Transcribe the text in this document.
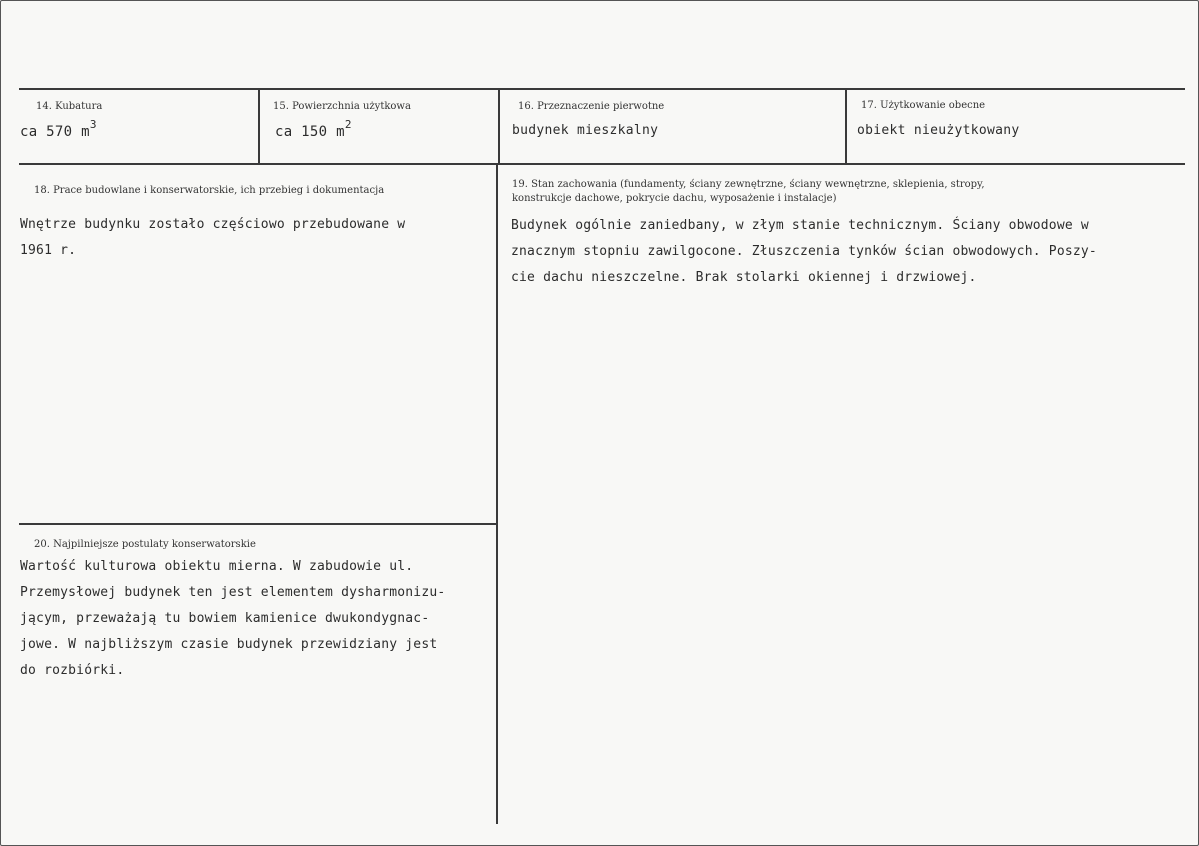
14. Kubatura
ca 570 $m^3$
15. Powierzchnia użytkowa
ca 150 $m^2$
16. Przeznaczenie pierwotne
budynek mieszkalny
17. Użytkowanie obecne
obiekt nieużytkowany
18. Prace budowlane i konserwatorskie, ich przebieg i dokumentacja
Wnętrze budynku zostało częściowo przebudowane w
1961 r.
19. Stan zachowania (fundamenty, ściany zewnętrzne, ściany wewnętrzne, sklepienia, stropy,
konstrukcje dachowe, pokrycie dachu, wyposażenie i instalacje)
Budynek ogólnie zaniedbany, w złym stanie technicznym. Ściany obwodowe w
znacznym stopniu zawilgocone. Złuszczenia tynków ścian obwodowych. Poszy-
cie dachu nieszczelne. Brak stolarki okiennej i drzwiowej.
20. Najpilniejsze postulaty konserwatorskie
Wartość kulturowa obiektu mierna. W zabudowie ul.
Przemysłowej budynek ten jest elementem dysharmonizu-
jącym, przeważają tu bowiem kamienice dwukondygnac-
jowe. W najbliższym czasie budynek przewidziany jest
do rozbiórki.
